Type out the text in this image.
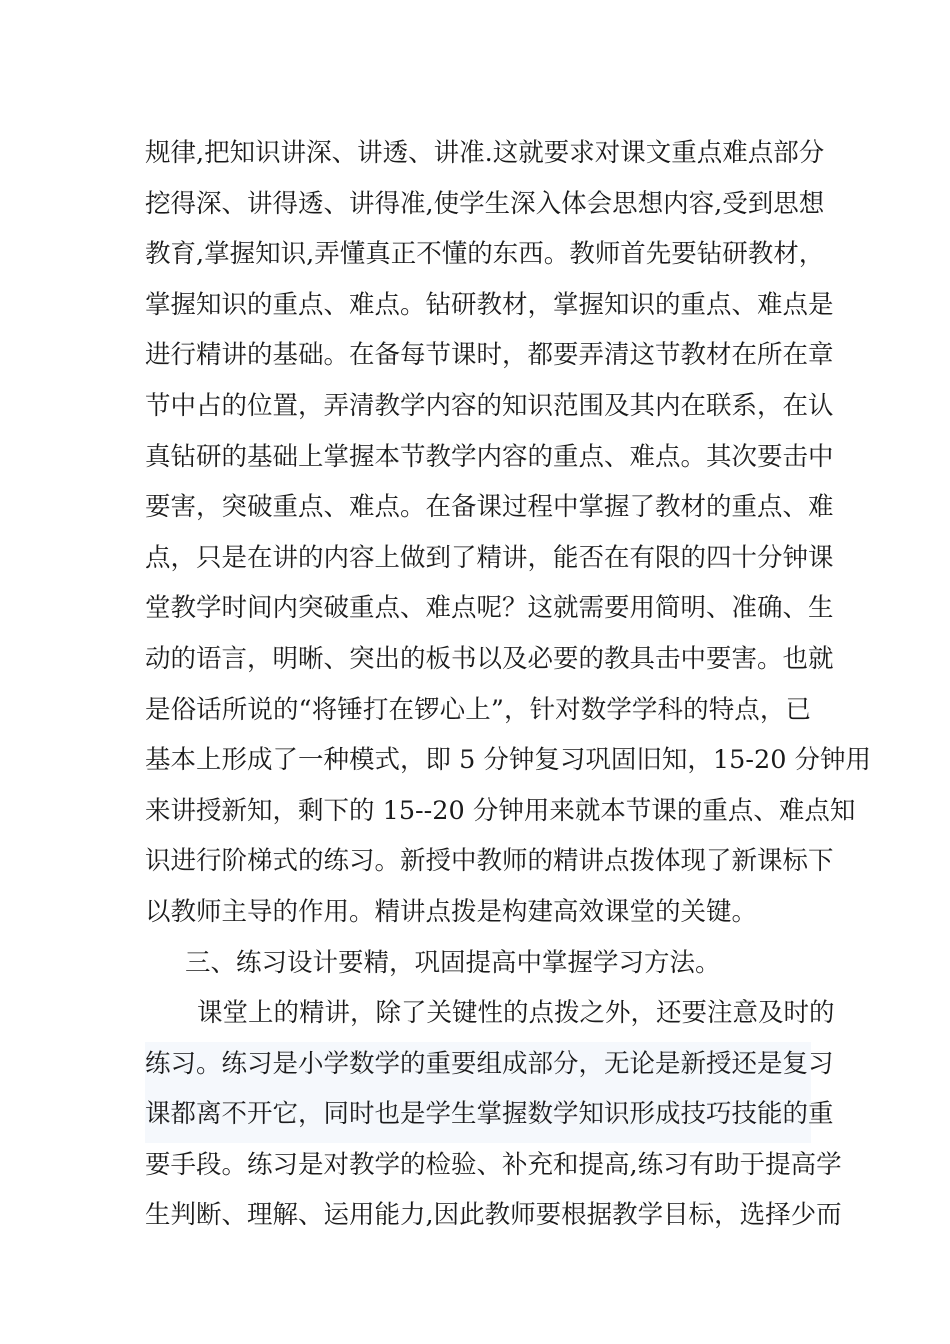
规律,把知识讲深、讲透、讲准.这就要求对课文重点难点部分
挖得深、讲得透、讲得准,使学生深入体会思想内容,受到思想
教育,掌握知识,弄懂真正不懂的东西。教师首先要钻研教材，
掌握知识的重点、难点。钻研教材，掌握知识的重点、难点是
进行精讲的基础。在备每节课时，都要弄清这节教材在所在章
节中占的位置，弄清教学内容的知识范围及其内在联系，在认
真钻研的基础上掌握本节教学内容的重点、难点。其次要击中
要害，突破重点、难点。在备课过程中掌握了教材的重点、难
点，只是在讲的内容上做到了精讲，能否在有限的四十分钟课
堂教学时间内突破重点、难点呢？这就需要用简明、准确、生
动的语言，明晰、突出的板书以及必要的教具击中要害。也就
是俗话所说的“将锤打在锣心上”，针对数学学科的特点，已
基本上形成了一种模式，即 5 分钟复习巩固旧知，15-20 分钟用
来讲授新知，剩下的 15--20 分钟用来就本节课的重点、难点知
识进行阶梯式的练习。新授中教师的精讲点拨体现了新课标下
以教师主导的作用。精讲点拨是构建高效课堂的关键。
三、练习设计要精，巩固提高中掌握学习方法。
课堂上的精讲，除了关键性的点拨之外，还要注意及时的
练习。练习是小学数学的重要组成部分，无论是新授还是复习
课都离不开它，同时也是学生掌握数学知识形成技巧技能的重
要手段。练习是对教学的检验、补充和提高,练习有助于提高学
生判断、理解、运用能力,因此教师要根据教学目标，选择少而
